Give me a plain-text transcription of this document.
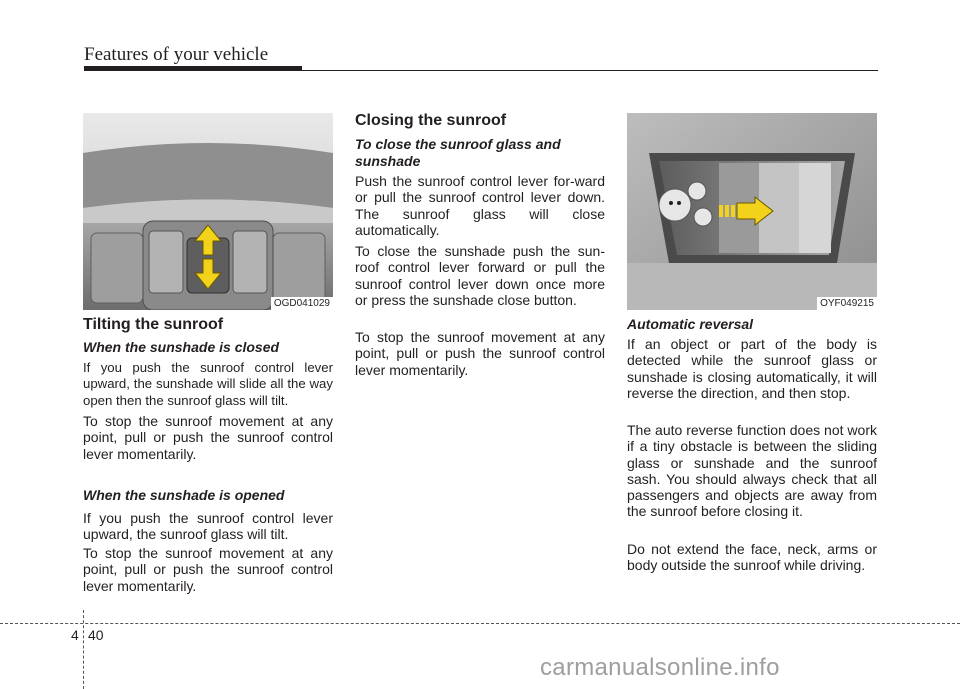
Features of your vehicle
OGD041029
Tilting the sunroof
When the sunshade is closed

If you push the sunroof control lever upward, the sunshade will slide all the way open then the sunroof glass will tilt.

To stop the sunroof movement at any point, pull or push the sunroof control lever momentarily.

When the sunshade is opened

If you push the sunroof control lever upward, the sunroof glass will tilt.

To stop the sunroof movement at any point, pull or push the sunroof control lever momentarily.

Closing the sunroof
To close the sunroof glass and sunshade

Push the sunroof control lever for-ward or pull the sunroof control lever down. The sunroof glass will close automatically.

To close the sunshade push the sun-roof control lever forward or pull the sunroof control lever down once more or press the sunshade close button.

To stop the sunroof movement at any point, pull or push the sunroof control lever momentarily.

OYF049215
Automatic reversal

If an object or part of the body is detected while the sunroof glass or sunshade is closing automatically, it will reverse the direction, and then stop.

The auto reverse function does not work if a tiny obstacle is between the sliding glass or sunshade and the sunroof sash. You should always check that all passengers and objects are away from the sunroof before closing it.

Do not extend the face, neck, arms or body outside the sunroof while driving.

4 40
carmanualsonline.info
